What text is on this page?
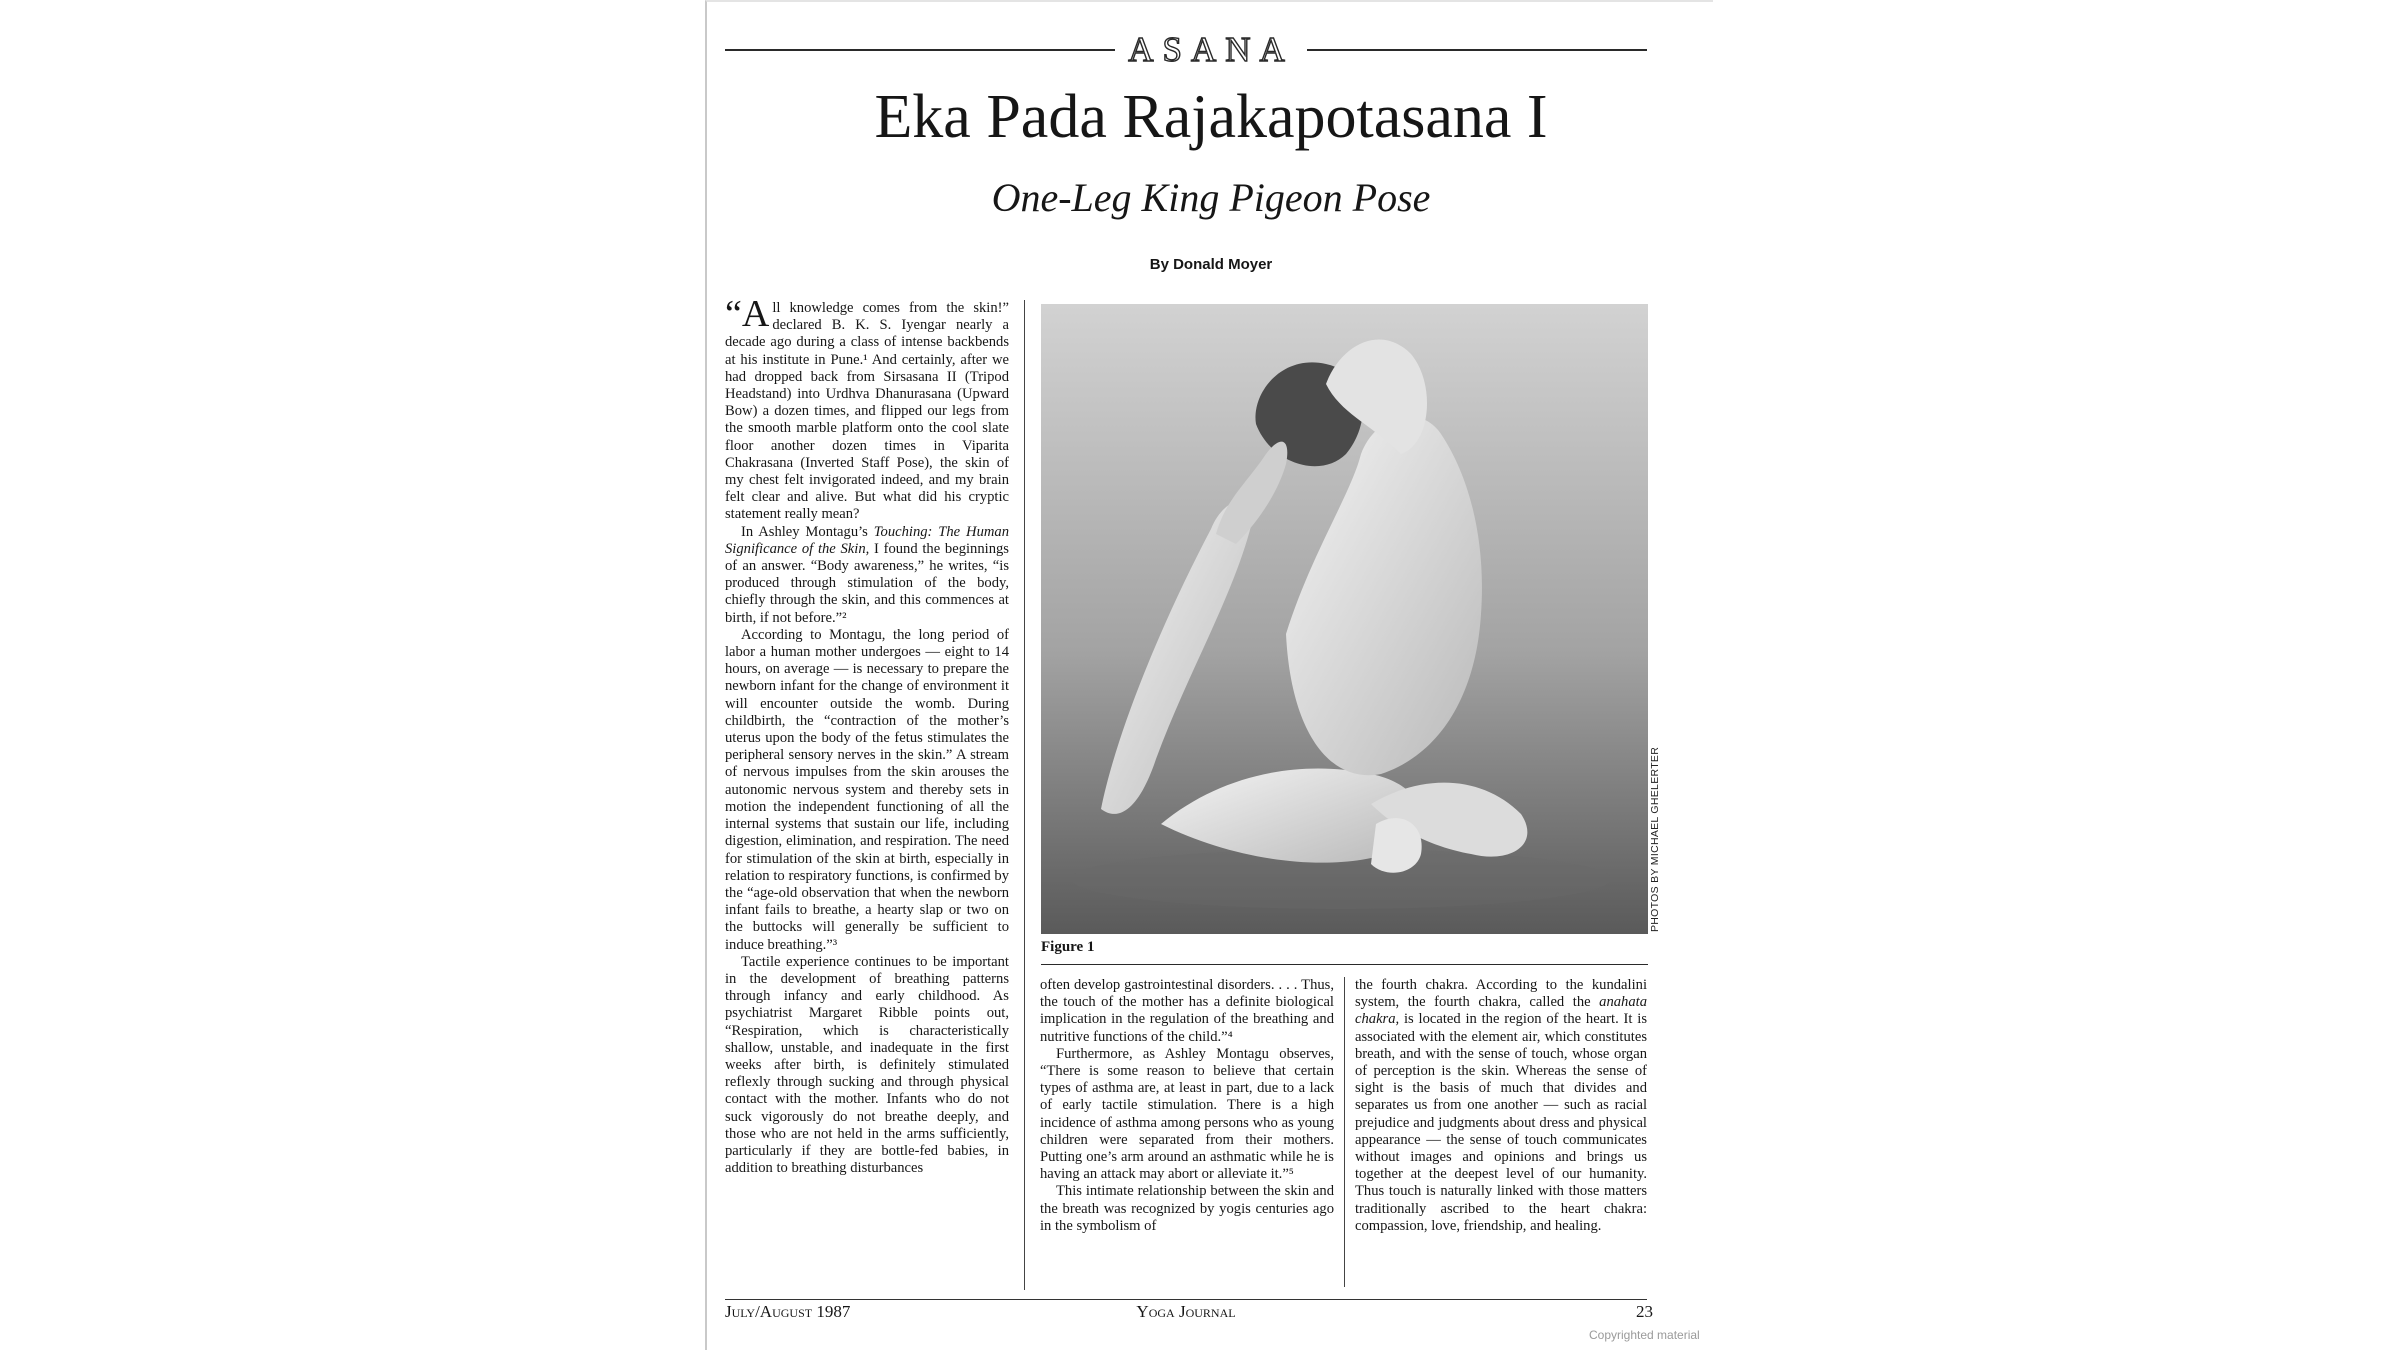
ASANA
Eka Pada Rajakapotasana I
One-Leg King Pigeon Pose
By Donald Moyer

“All knowledge comes from the skin!” declared B. K. S. Iyengar nearly a decade ago during a class of intense backbends at his institute in Pune.¹ And certainly, after we had dropped back from Sirsasana II (Tripod Headstand) into Urdhva Dhanurasana (Upward Bow) a dozen times, and flipped our legs from the smooth marble platform onto the cool slate floor another dozen times in Viparita Chakrasana (Inverted Staff Pose), the skin of my chest felt invigorated indeed, and my brain felt clear and alive. But what did his cryptic statement really mean?

In Ashley Montagu’s Touching: The Human Significance of the Skin, I found the beginnings of an answer. “Body awareness,” he writes, “is produced through stimulation of the body, chiefly through the skin, and this commences at birth, if not before.”²

According to Montagu, the long period of labor a human mother undergoes — eight to 14 hours, on average — is necessary to prepare the newborn infant for the change of environment it will encounter outside the womb. During childbirth, the “contraction of the mother’s uterus upon the body of the fetus stimulates the peripheral sensory nerves in the skin.” A stream of nervous impulses from the skin arouses the autonomic nervous system and thereby sets in motion the independent functioning of all the internal systems that sustain our life, including digestion, elimination, and respiration. The need for stimulation of the skin at birth, especially in relation to respiratory functions, is confirmed by the “age-old observation that when the newborn infant fails to breathe, a hearty slap or two on the buttocks will generally be sufficient to induce breathing.”³

Tactile experience continues to be important in the development of breathing patterns through infancy and early childhood. As psychiatrist Margaret Ribble points out, “Respiration, which is characteristically shallow, unstable, and inadequate in the first weeks after birth, is definitely stimulated reflexly through sucking and through physical contact with the mother. Infants who do not suck vigorously do not breathe deeply, and those who are not held in the arms sufficiently, particularly if they are bottle-fed babies, in addition to breathing disturbances

PHOTOS BY MICHAEL GHELERTER
Figure 1

often develop gastrointestinal disorders. . . . Thus, the touch of the mother has a definite biological implication in the regulation of the breathing and nutritive functions of the child.”⁴

Furthermore, as Ashley Montagu observes, “There is some reason to believe that certain types of asthma are, at least in part, due to a lack of early tactile stimulation. There is a high incidence of asthma among persons who as young children were separated from their mothers. Putting one’s arm around an asthmatic while he is having an attack may abort or alleviate it.”⁵

This intimate relationship between the skin and the breath was recognized by yogis centuries ago in the symbolism of

the fourth chakra. According to the kundalini system, the fourth chakra, called the anahata chakra, is located in the region of the heart. It is associated with the element air, which constitutes breath, and with the sense of touch, whose organ of perception is the skin. Whereas the sense of sight is the basis of much that divides and separates us from one another — such as racial prejudice and judgments about dress and physical appearance — the sense of touch communicates without images and opinions and brings us together at the deepest level of our humanity. Thus touch is naturally linked with those matters traditionally ascribed to the heart chakra: compassion, love, friendship, and healing.

July/August 1987	Yoga Journal	23
Copyrighted material
